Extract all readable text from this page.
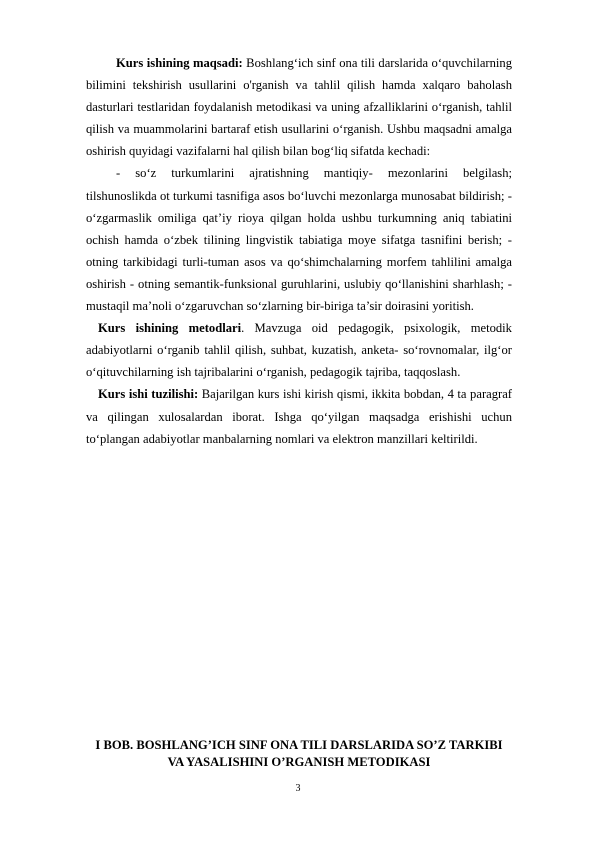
Kurs ishining maqsadi: Boshlang‘ich sinf ona tili darslarida o‘quvchilarning bilimini tekshirish usullarini o'rganish va tahlil qilish hamda xalqaro baholash dasturlari testlaridan foydalanish metodikasi va uning afzalliklarini o‘rganish, tahlil qilish va muammolarini bartaraf etish usullarini o‘rganish. Ushbu maqsadni amalga oshirish quyidagi vazifalarni hal qilish bilan bog‘liq sifatda kechadi:

- so‘z turkumlarini ajratishning mantiqiy- mezonlarini belgilash; tilshunoslikda ot turkumi tasnifiga asos bo‘luvchi mezonlarga munosabat bildirish; - o‘zgarmaslik omiliga qat’iy rioya qilgan holda ushbu turkumning aniq tabiatini ochish hamda o‘zbek tilining lingvistik tabiatiga moye sifatga tasnifini berish; - otning tarkibidagi turli-tuman asos va qo‘shimchalarning morfem tahlilini amalga oshirish - otning semantik-funksional guruhlarini, uslubiy qo‘llanishini sharhlash; - mustaqil ma’noli o‘zgaruvchan so‘zlarning bir-biriga ta’sir doirasini yoritish.

Kurs ishining metodlari. Mavzuga oid pedagogik, psixologik, metodik adabiyotlarni o‘rganib tahlil qilish, suhbat, kuzatish, anketa- so‘rovnomalar, ilg‘or o‘qituvchilarning ish tajribalarini o‘rganish, pedagogik tajriba, taqqoslash.

Kurs ishi tuzilishi: Bajarilgan kurs ishi kirish qismi, ikkita bobdan, 4 ta paragraf va qilingan xulosalardan iborat. Ishga qo‘yilgan maqsadga erishishi uchun to‘plangan adabiyotlar manbalarning nomlari va elektron manzillari keltirildi.

I BOB. BOSHLANG’ICH SINF ONA TILI DARSLARIDA SO’Z TARKIBI
VA YASALISHINI O’RGANISH METODIKASI
3
